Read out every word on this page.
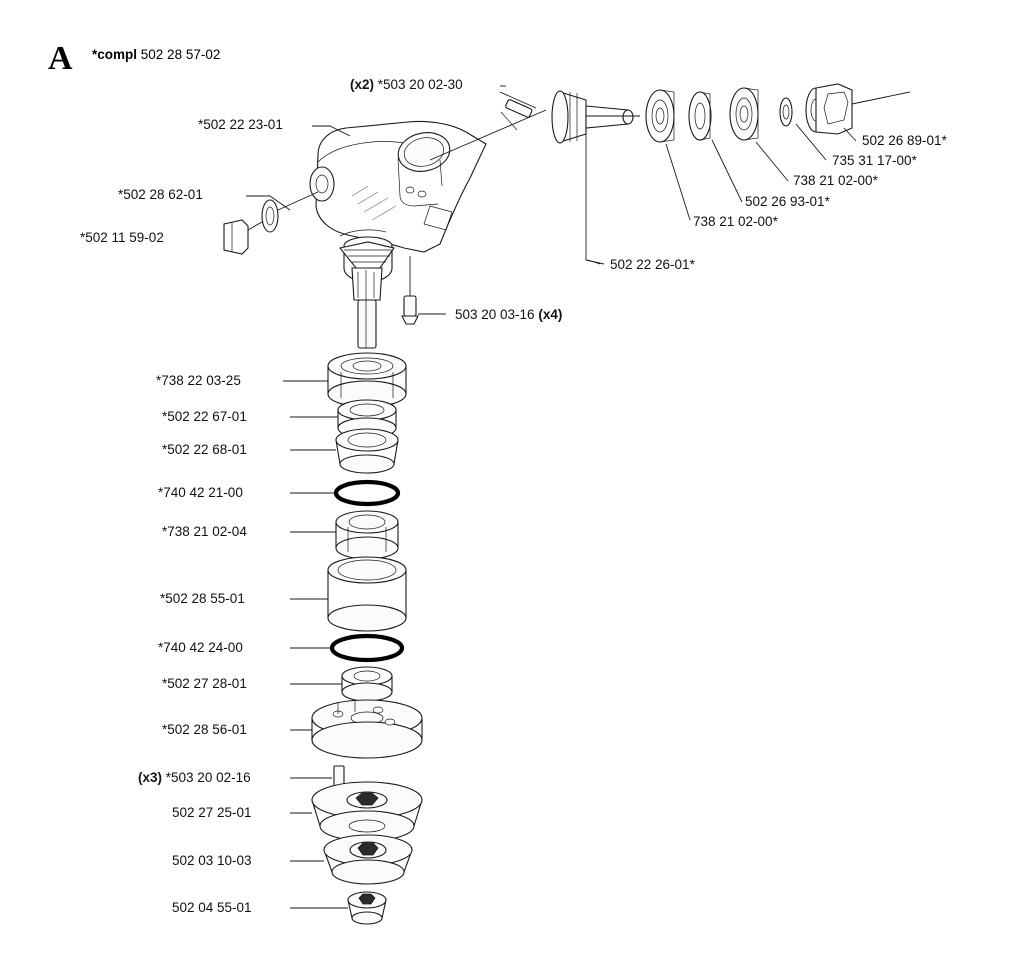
A *compl 502 28 57-02
*502 22 23-01
*502 28 62-01
*502 11 59-02
(x2) *503 20 02-30
502 26 89-01*
735 31 17-00*
738 21 02-00*
502 26 93-01*
738 21 02-00*
502 22 26-01*
503 20 03-16 (x4)
*738 22 03-25
*502 22 67-01
*502 22 68-01
*740 42 21-00
*738 21 02-04
*502 28 55-01
*740 42 24-00
*502 27 28-01
*502 28 56-01
(x3) *503 20 02-16
502 27 25-01
502 03 10-03
502 04 55-01
